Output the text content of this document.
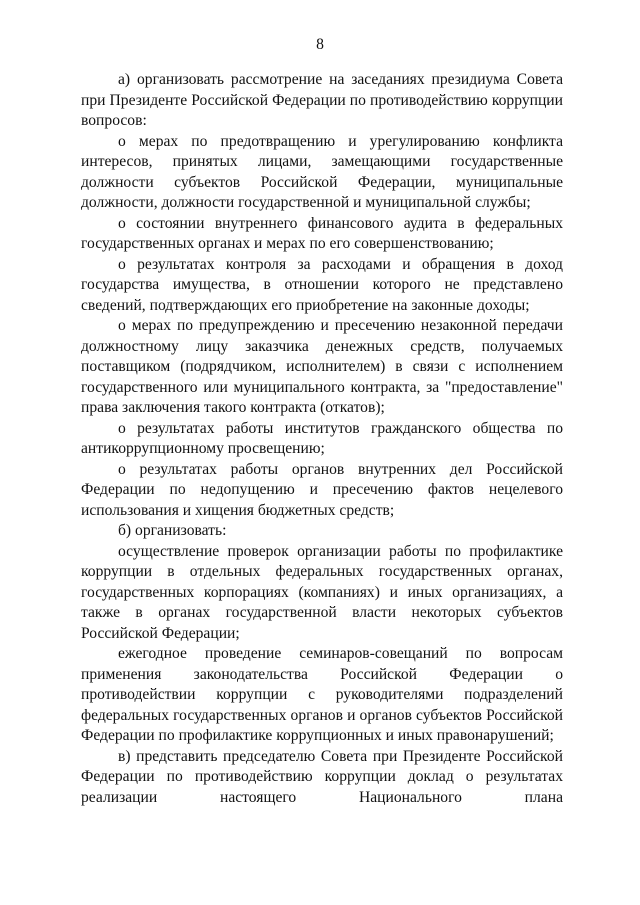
8

а) организовать рассмотрение на заседаниях президиума Совета при Президенте Российской Федерации по противодействию коррупции вопросов:

о мерах по предотвращению и урегулированию конфликта интересов, принятых лицами, замещающими государственные должности субъектов Российской Федерации, муниципальные должности, должности государственной и муниципальной службы;

о состоянии внутреннего финансового аудита в федеральных государственных органах и мерах по его совершенствованию;

о результатах контроля за расходами и обращения в доход государства имущества, в отношении которого не представлено сведений, подтверждающих его приобретение на законные доходы;

о мерах по предупреждению и пресечению незаконной передачи должностному лицу заказчика денежных средств, получаемых поставщиком (подрядчиком, исполнителем) в связи с исполнением государственного или муниципального контракта, за "предоставление" права заключения такого контракта (откатов);

о результатах работы институтов гражданского общества по антикоррупционному просвещению;

о результатах работы органов внутренних дел Российской Федерации по недопущению и пресечению фактов нецелевого использования и хищения бюджетных средств;

б) организовать:

осуществление проверок организации работы по профилактике коррупции в отдельных федеральных государственных органах, государственных корпорациях (компаниях) и иных организациях, а также в органах государственной власти некоторых субъектов Российской Федерации;

ежегодное проведение семинаров-совещаний по вопросам применения законодательства Российской Федерации о противодействии коррупции с руководителями подразделений федеральных государственных органов и органов субъектов Российской Федерации по профилактике коррупционных и иных правонарушений;

в) представить председателю Совета при Президенте Российской Федерации по противодействию коррупции доклад о результатах реализации настоящего Национального плана
